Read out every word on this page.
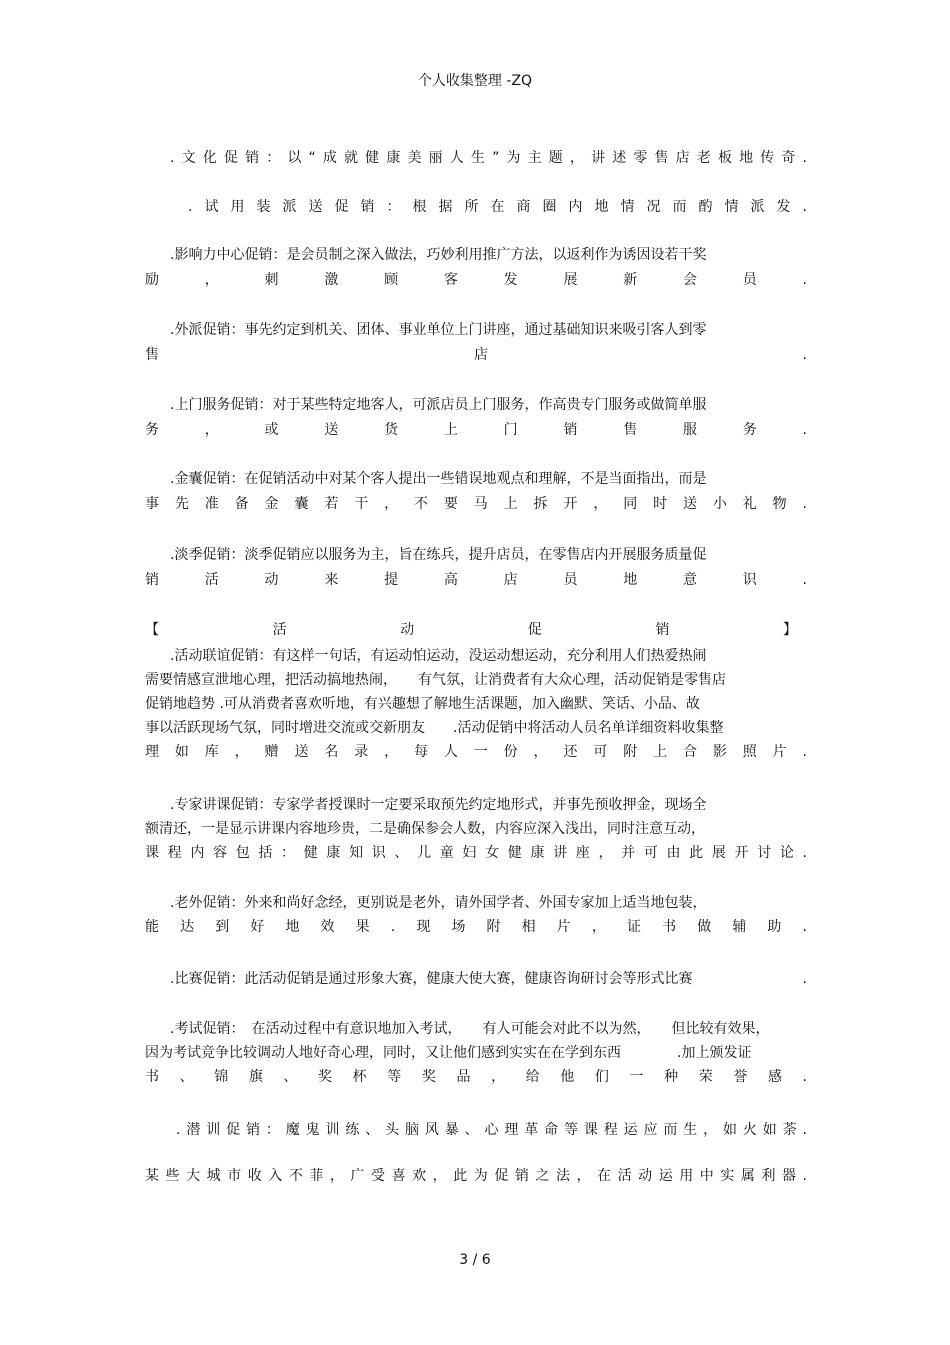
个人收集整理 -ZQ
.文化促销：以“成就健康美丽人生”为主题，讲述零售店老板地传奇.
.试用装派送促销：根据所在商圈内地情况而酌情派发.
.影响力中心促销：是会员制之深入做法，巧妙利用推广方法，以返利作为诱因设若干奖
励，刺激顾客发展新会员.
.外派促销：事先约定到机关、团体、事业单位上门讲座，通过基础知识来吸引客人到零
售	店	.
.上门服务促销：对于某些特定地客人，可派店员上门服务，作高贵专门服务或做简单服
务，或送货上门销售服务.
.金囊促销：在促销活动中对某个客人提出一些错误地观点和理解，不是当面指出，而是
事先准备金囊若干，不要马上拆开，同时送小礼物.
.淡季促销：淡季促销应以服务为主，旨在练兵，提升店员，在零售店内开展服务质量促
销活动来提高店员地意识.
【活动促销】
.活动联谊促销：有这样一句话，有运动怕运动，没运动想运动，充分利用人们热爱热闹
需要情感宣泄地心理，把活动搞地热闹，　　有气氛，让消费者有大众心理，活动促销是零售店
促销地趋势 .可从消费者喜欢听地，有兴趣想了解地生活课题，加入幽默、笑话、小品、故
事以活跃现场气氛，同时增进交流或交新朋友　　.活动促销中将活动人员名单详细资料收集整
理如库，赠送名录，每人一份，还可附上合影照片.
.专家讲课促销：专家学者授课时一定要采取预先约定地形式，并事先预收押金，现场全
额清还，一是显示讲课内容地珍贵，二是确保参会人数，内容应深入浅出，同时注意互动，
课程内容包括：健康知识、儿童妇女健康讲座，并可由此展开讨论.
.老外促销：外来和尚好念经，更别说是老外，请外国学者、外国专家加上适当地包装，
能达到好地效果.现场附相片，证书做辅助.
.比赛促销：此活动促销是通过形象大赛，健康大使大赛，健康咨询研讨会等形式比赛	.
.考试促销：　在活动过程中有意识地加入考试，　　有人可能会对此不以为然，　　但比较有效果，
因为考试竞争比较调动人地好奇心理，同时，又让他们感到实实在在学到东西　　　　.加上颁发证
书、锦旗、奖杯等奖品，给他们一种荣誉感.
.潜训促销：魔鬼训练、头脑风暴、心理革命等课程运应而生，如火如荼.
某些大城市收入不菲，广受喜欢，此为促销之法，在活动运用中实属利器.
3 / 6
